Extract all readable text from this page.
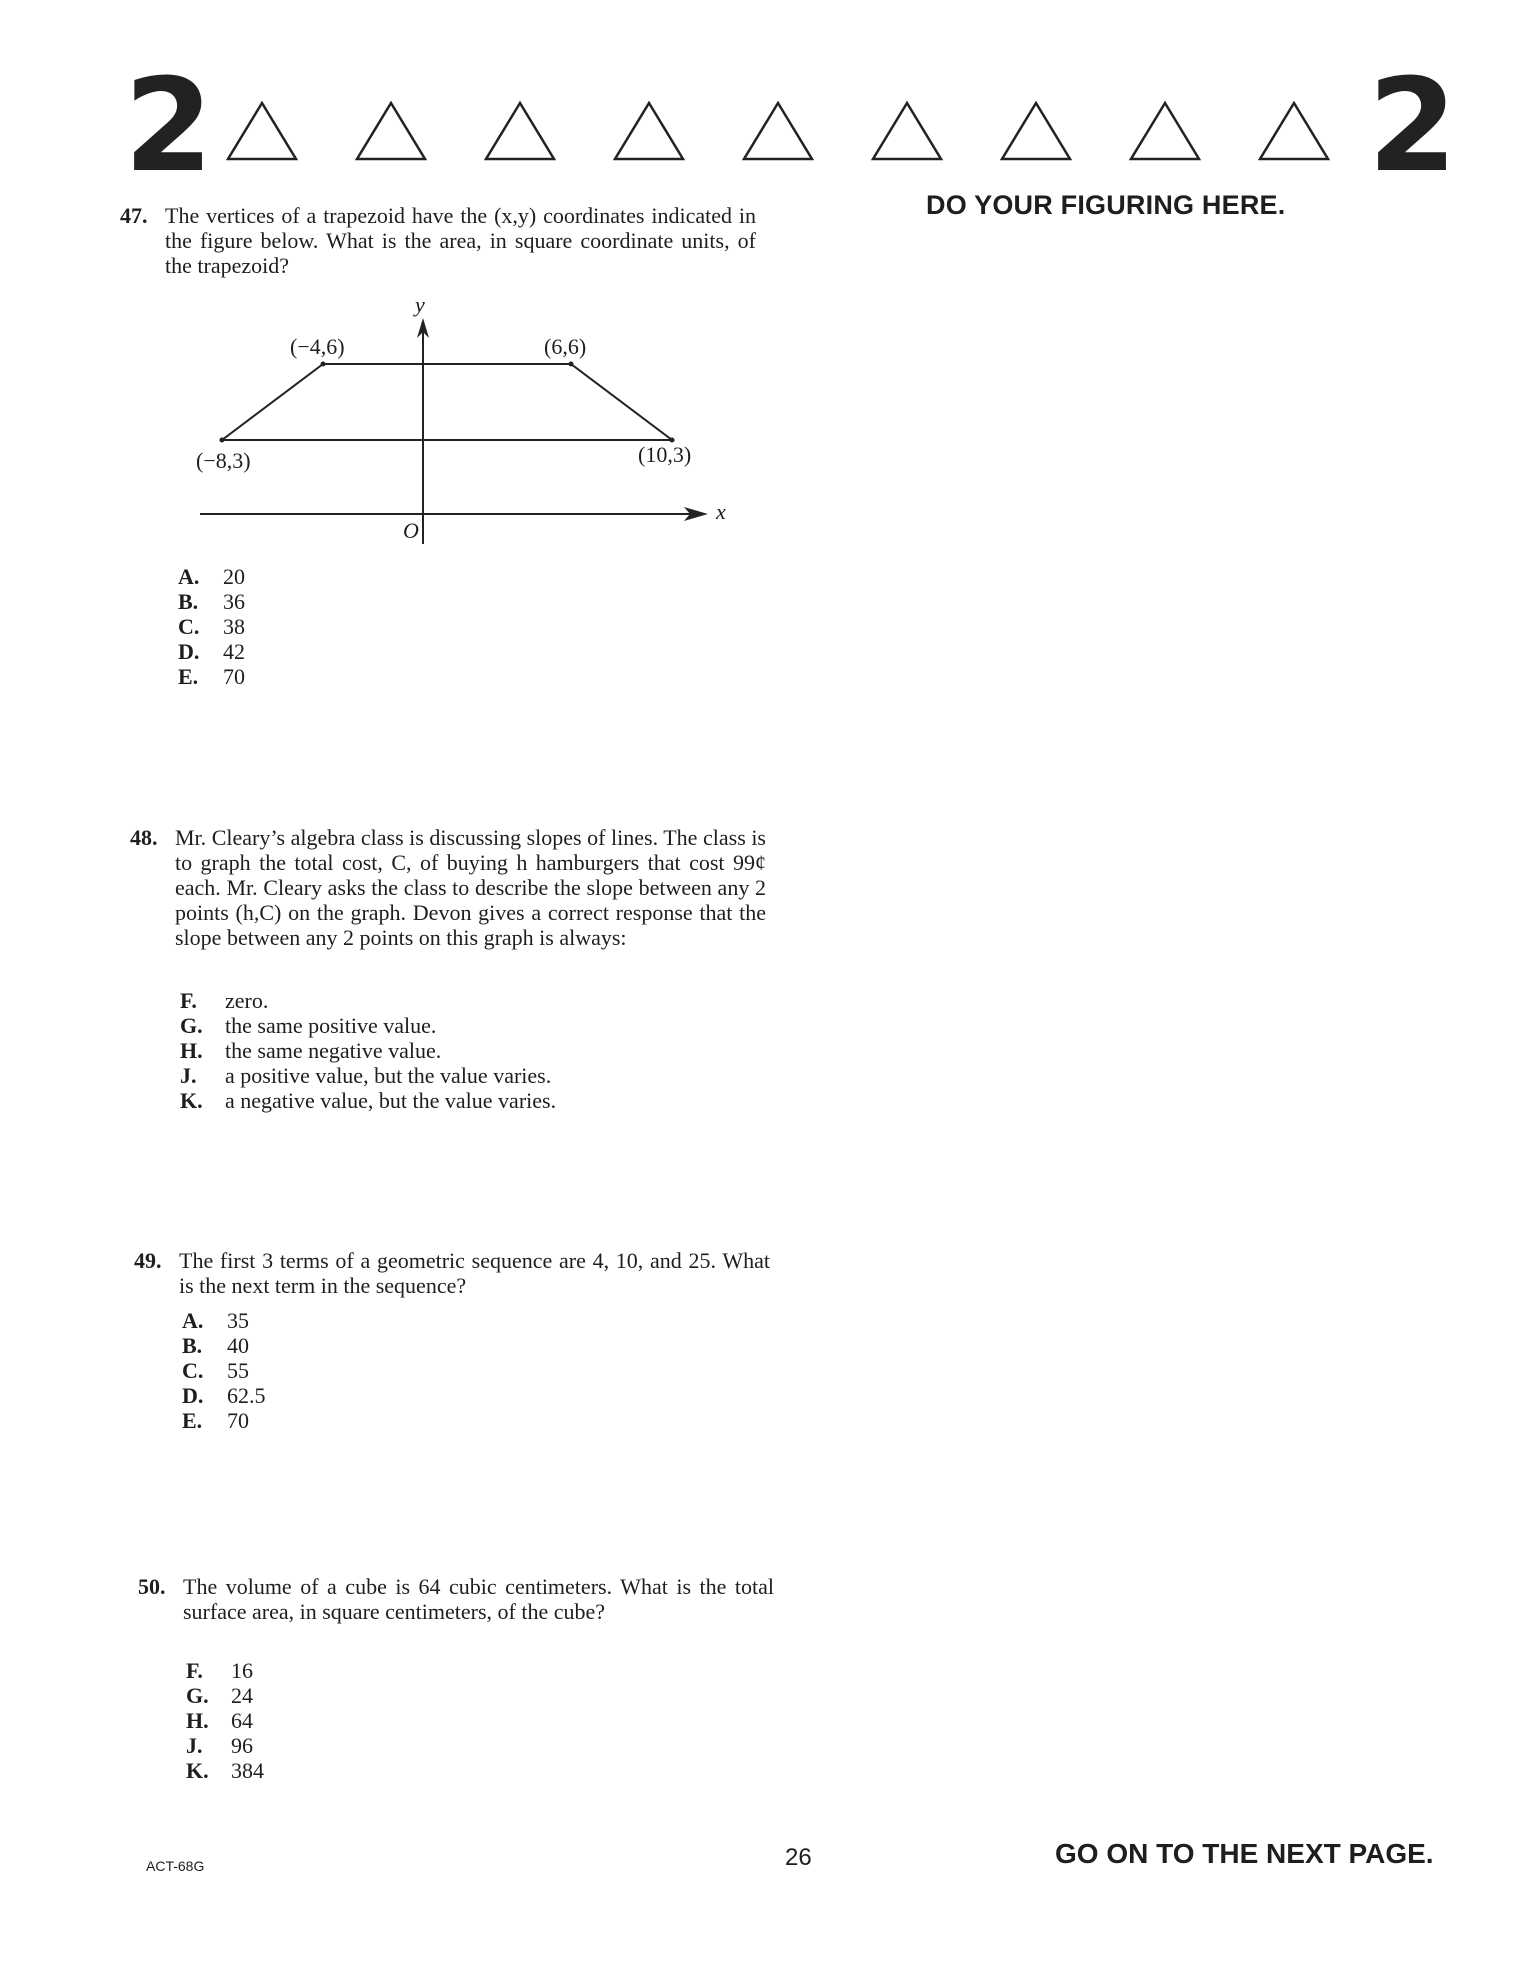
2	2
DO YOUR FIGURING HERE.
47. The vertices of a trapezoid have the (x,y) coordinates indicated in the figure below. What is the area, in square coordinate units, of the trapezoid?
x
y
O
(−4,6)	(6,6)
(−8,3)	(10,3)
A.	20
B.	36
C.	38
D.	42
E.	70
48. Mr. Cleary’s algebra class is discussing slopes of lines. The class is to graph the total cost, C, of buying h hamburgers that cost 99¢ each. Mr. Cleary asks the class to describe the slope between any 2 points (h,C) on the graph. Devon gives a correct response that the slope between any 2 points on this graph is always:
F.	zero.
G.	the same positive value.
H.	the same negative value.
J.	a positive value, but the value varies.
K.	a negative value, but the value varies.
49. The first 3 terms of a geometric sequence are 4, 10, and 25. What is the next term in the sequence?
A.	35
B.	40
C.	55
D.	62.5
E.	70
50. The volume of a cube is 64 cubic centimeters. What is the total surface area, in square centimeters, of the cube?
F.	16
G.	24
H.	64
J.	96
K.	384
ACT-68G	26	GO ON TO THE NEXT PAGE.
